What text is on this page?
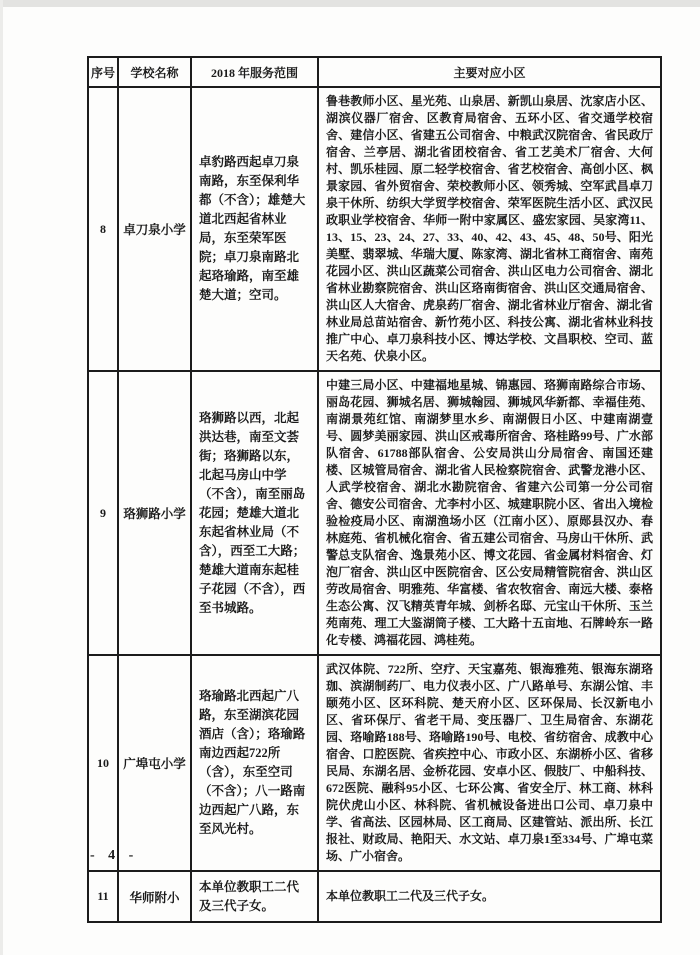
序号	学校名称	2018 年服务范围	主要对应小区
8	卓刀泉小学	卓豹路西起卓刀泉南路，东至保利华都（不含）；雄楚大道北西起省林业局，东至荣军医院；卓刀泉南路北起珞瑜路，南至雄楚大道；空司。	鲁巷教师小区、星光苑、山泉居、新凯山泉居、沈家店小区、湖滨仪器厂宿舍、区教育局宿舍、五环小区、省交通学校宿舍、建信小区、省建五公司宿舍、中粮武汉院宿舍、省民政厅宿舍、兰亭居、湖北省团校宿舍、省工艺美术厂宿舍、大何村、凯乐桂园、原二轻学校宿舍、省艺校宿舍、高创小区、枫景家园、省外贸宿舍、荣校教师小区、领秀城、空军武昌卓刀泉干休所、纺织大学贸学校宿舍、荣军医院生活小区、武汉民政职业学校宿舍、华师一附中家属区、盛宏家园、吴家湾11、13、15、23、24、27、33、40、42、43、45、48、50号、阳光美墅、翡翠城、华瑞大厦、陈家湾、湖北省林工商宿舍、南苑花园小区、洪山区蔬菜公司宿舍、洪山区电力公司宿舍、湖北省林业勘察院宿舍、洪山区珞南街宿舍、洪山区交通局宿舍、洪山区人大宿舍、虎泉药厂宿舍、湖北省林业厅宿舍、湖北省林业局总苗站宿舍、新竹苑小区、科技公寓、湖北省林业科技推广中心、卓刀泉科技小区、博达学校、文昌职校、空司、蓝天名苑、伏泉小区。
9	珞狮路小学	珞狮路以西，北起洪达巷，南至文荟街；珞狮路以东，北起马房山中学（不含），南至丽岛花园；楚雄大道北东起省林业局（不含），西至工大路；楚雄大道南东起桂子花园（不含），西至书城路。	中建三局小区、中建福地星城、锦惠园、珞狮南路综合市场、丽岛花园、狮城名居、狮城翰园、狮城风华新都、幸福佳苑、南湖景苑红馆、南湖梦里水乡、南湖假日小区、中建南湖壹号、圆梦美丽家园、洪山区戒毒所宿舍、珞桂路99号、广水部队宿舍、61788部队宿舍、公安局洪山分局宿舍、南国还建楼、区城管局宿舍、湖北省人民检察院宿舍、武警龙港小区、人武学校宿舍、湖北水勘院宿舍、省建六公司第一分公司宿舍、德安公司宿舍、尤李村小区、城建职院小区、省出入境检验检疫局小区、南湖渔场小区（江南小区）、原郧县汉办、春林庭苑、省机械化宿舍、省五建公司宿舍、马房山干休所、武警总支队宿舍、逸景苑小区、博文花园、省金属材料宿舍、灯泡厂宿舍、洪山区中医院宿舍、区公安局精管院宿舍、洪山区劳改局宿舍、明雅苑、华富楼、省农牧宿舍、南远大楼、泰格生态公寓、汉飞精英青年城、剑桥名邸、元宝山干休所、玉兰苑南苑、理工大鉴湖筒子楼、工大路十五亩地、石牌岭东一路化专楼、鸿福花园、鸿桂苑。
10	广埠屯小学	珞瑜路北西起广八路，东至湖滨花园酒店（含）；珞瑜路南边西起722所（含），东至空司（不含）；八一路南边西起广八路，东至风光村。	武汉体院、722所、空疗、天宝嘉苑、银海雅苑、银海东湖珞珈、滨湖制药厂、电力仪表小区、广八路单号、东湖公馆、丰颐苑小区、区环科院、楚天府小区、区环保局、长汉新电小区、省环保厅、省老干局、变压器厂、卫生局宿舍、东湖花园、珞喻路188号、珞喻路190号、电校、省纺宿舍、成教中心宿舍、口腔医院、省疾控中心、市政小区、东湖桥小区、省移民局、东湖名居、金桥花园、安卓小区、假肢厂、中船科技、672医院、融科95小区、七环公寓、省安全厅、林工商、林科院伏虎山小区、林科院、省机械设备进出口公司、卓刀泉中学、省高法、区园林局、区工商局、区建管站、派出所、长江报社、财政局、艳阳天、水文站、卓刀泉1至334号、广埠屯菜场、广小宿舍。
11	华师附小	本单位教职工二代及三代子女。	本单位教职工二代及三代子女。
- 4 -
